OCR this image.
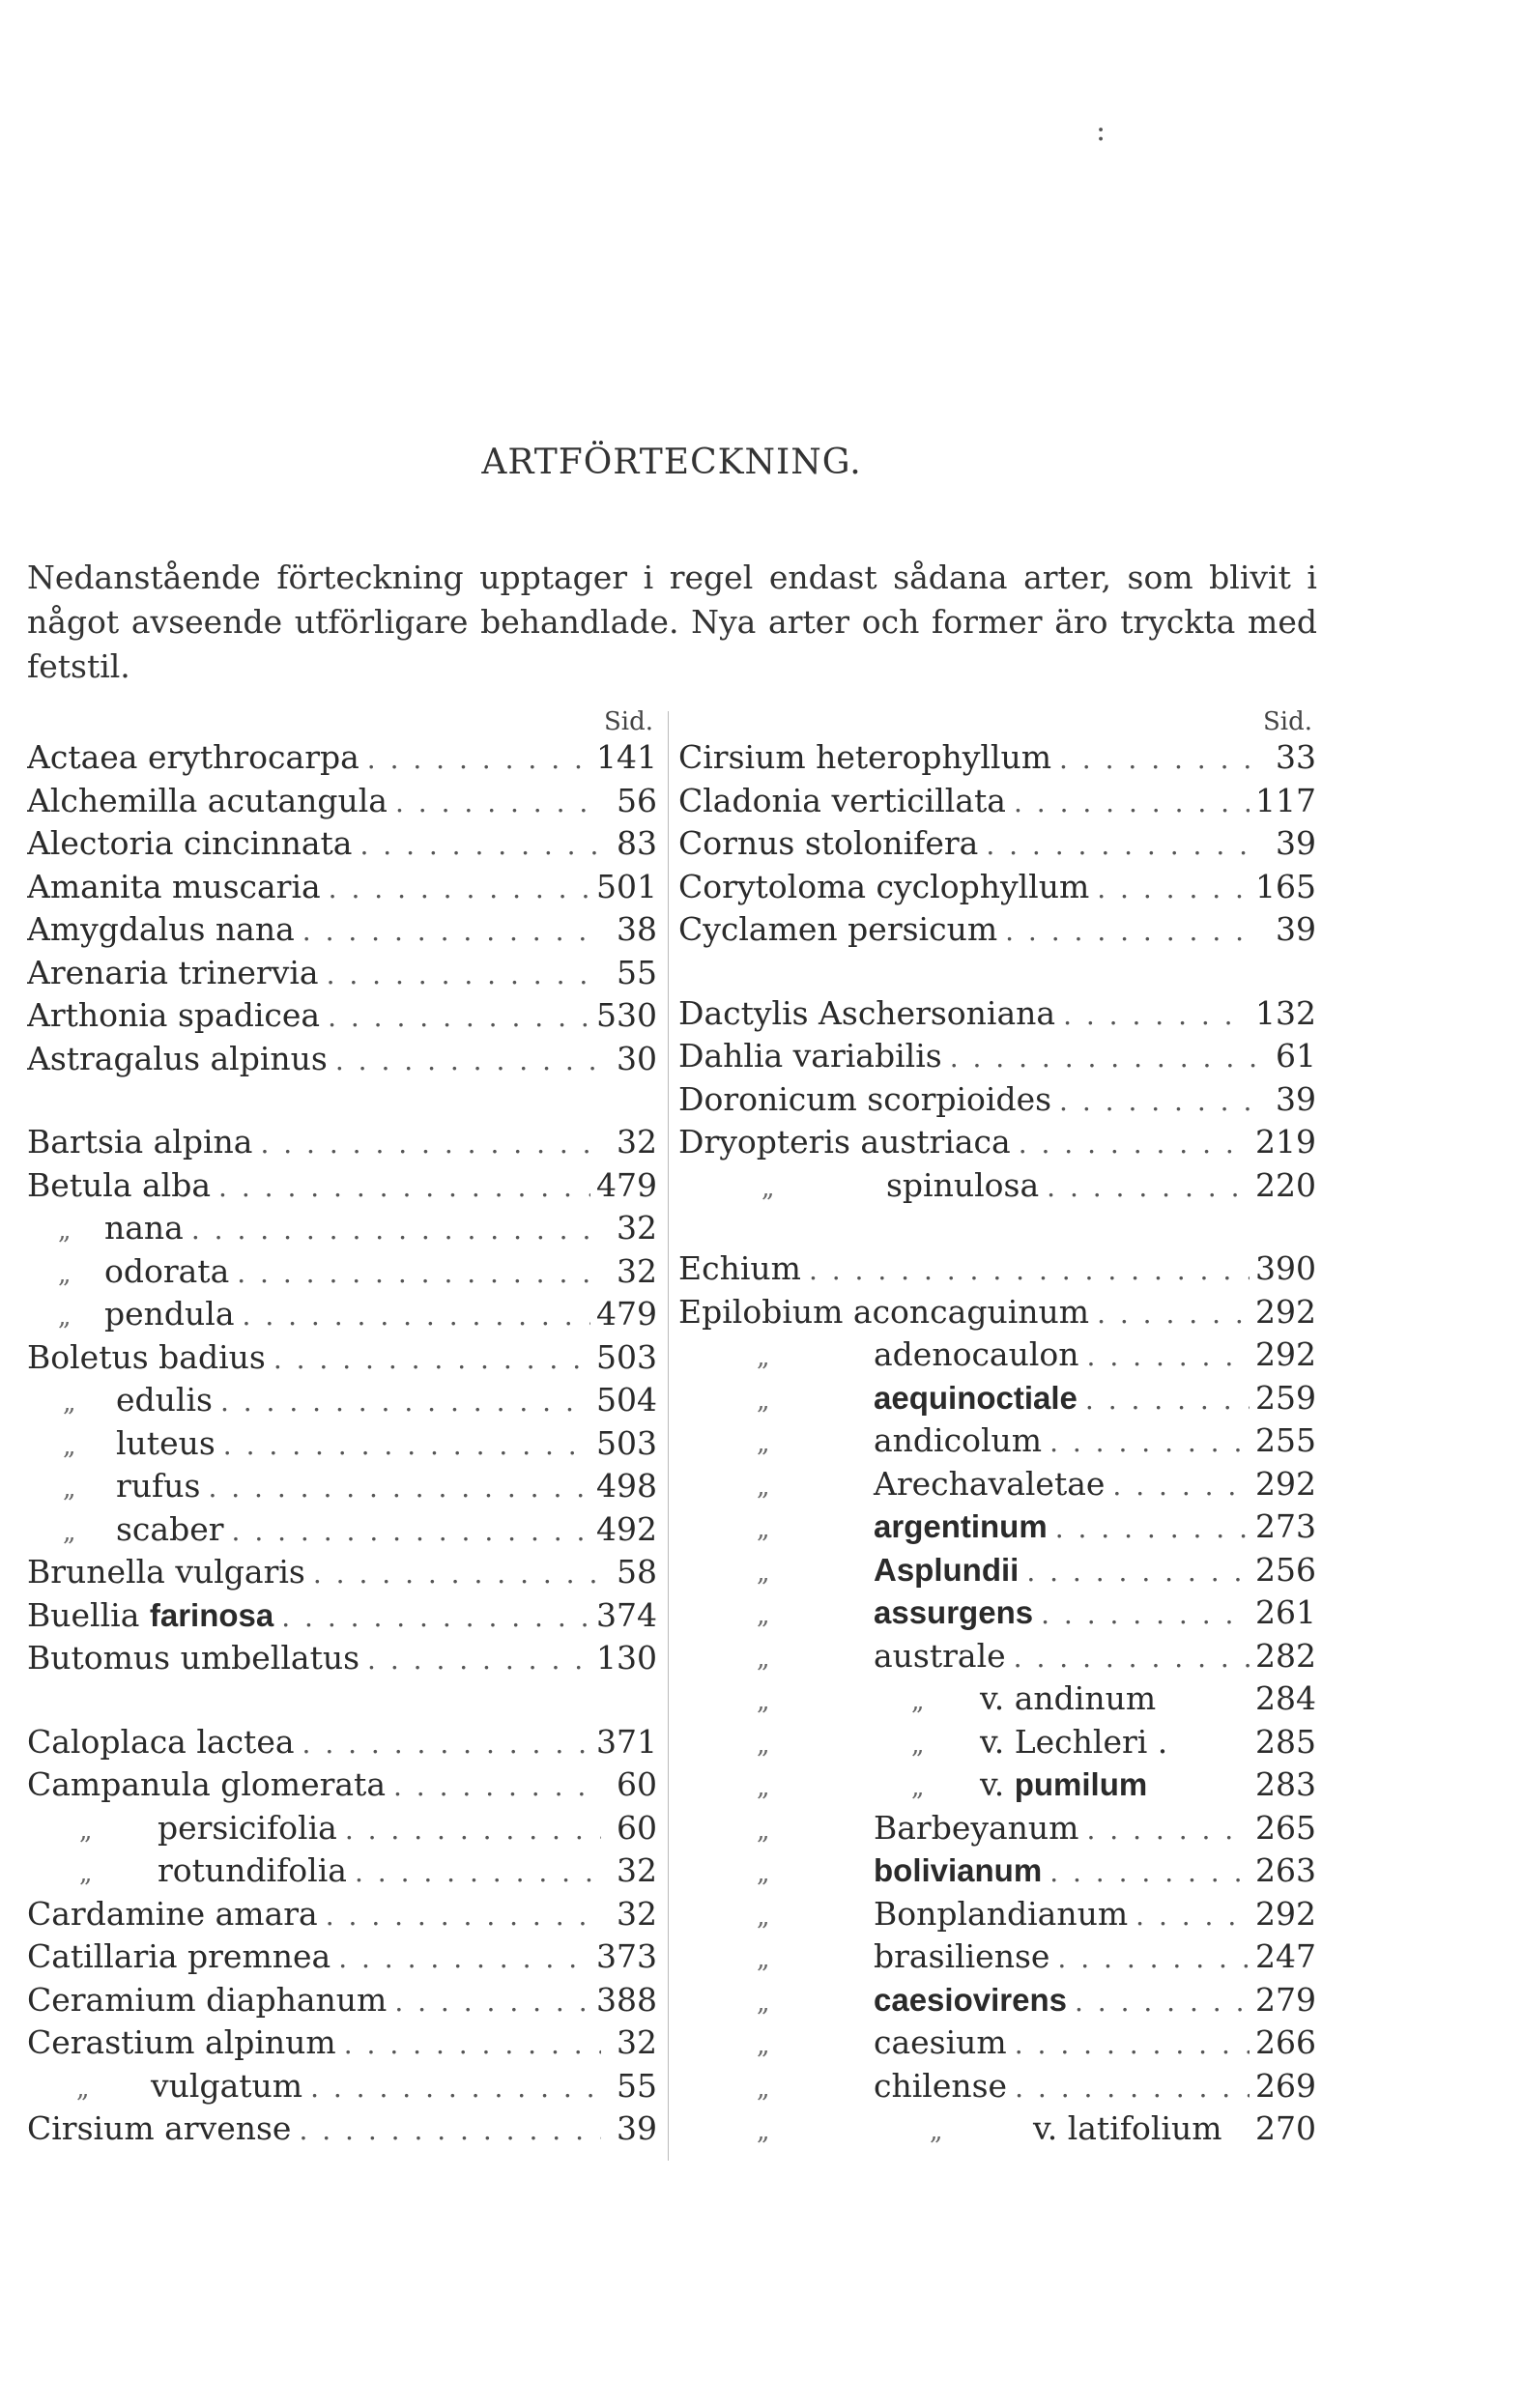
:
ARTFÖRTECKNING.
Nedanstående förteckning upptager i regel endast sådana arter, som blivit i något avseende utförligare behandlade. Nya arter och former äro tryckta med fetstil.
Sid.
Actaea erythrocarpa . . .	141
Alchemilla acutangula . . .	56
Alectoria cincinnata . . .	83
Amanita muscaria . . .	501
Amygdalus nana . . .	38
Arenaria trinervia . . .	55
Arthonia spadicea . . .	530
Astragalus alpinus . . .	30
Bartsia alpina . . .	32
Betula alba . . .	479
„	nana . . .	32
„	odorata . . .	32
„	pendula . . .	479
Boletus badius . . .	503
„	edulis . . .	504
„	luteus . . .	503
„	rufus . . .	498
„	scaber . . .	492
Brunella vulgaris . . .	58
Buellia farinosa . . .	374
Butomus umbellatus . . .	130
Caloplaca lactea . . .	371
Campanula glomerata . . .	60
„	persicifolia . . .	60
„	rotundifolia . . .	32
Cardamine amara . . .	32
Catillaria premnea . . .	373
Ceramium diaphanum . . .	388
Cerastium alpinum . . .	32
„	vulgatum . . .	55
Cirsium arvense . . .	39
Sid.
Cirsium heterophyllum . . .	33
Cladonia verticillata . . .	117
Cornus stolonifera . . .	39
Corytoloma cyclophyllum . . .	165
Cyclamen persicum . . .	39
Dactylis Aschersoniana . . .	132
Dahlia variabilis . . .	61
Doronicum scorpioides . . .	39
Dryopteris austriaca . . .	219
„	spinulosa . . .	220
Echium . . .	390
Epilobium aconcaguinum . . .	292
„	adenocaulon . . .	292
„	aequinoctiale . . .	259
„	andicolum . . .	255
„	Arechavaletae . . .	292
„	argentinum . . .	273
„	Asplundii . . .	256
„	assurgens . . .	261
„	australe . . .	282
„	„	v. andinum	284
„	„	v. Lechleri .	285
„	„	v. pumilum	283
„	Barbeyanum . . .	265
„	bolivianum . . .	263
„	Bonplandianum . . .	292
„	brasiliense . . .	247
„	caesiovirens . . .	279
„	caesium . . .	266
„	chilense . . .	269
„	„	v. latifolium 270
